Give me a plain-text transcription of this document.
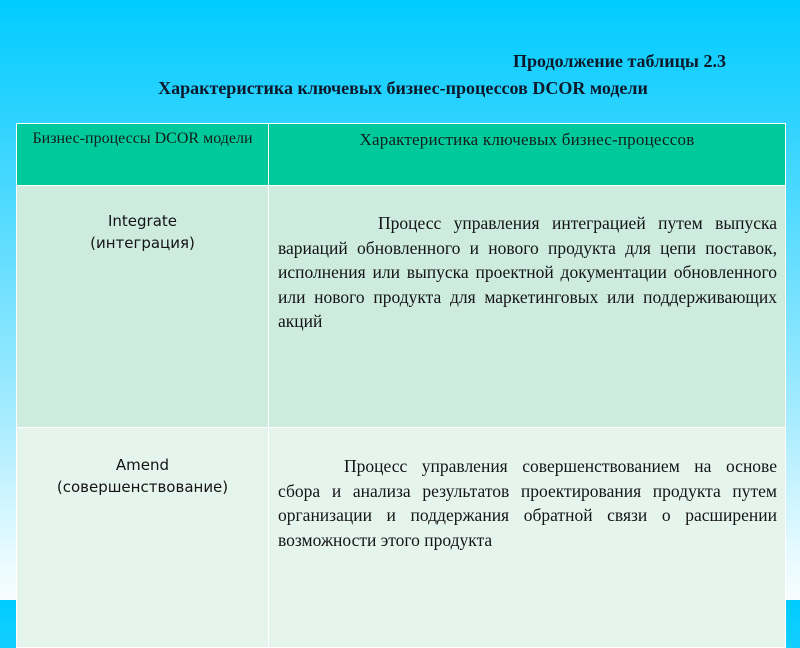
Продолжение таблицы 2.3
Характеристика ключевых бизнес-процессов DCOR модели
Бизнес-процессы DCOR модели	Характеристика ключевых бизнес-процессов

Integrate
(интеграция)	Процесс управления интеграцией путем выпуска вариаций обновленного и нового продукта для цепи поставок, исполнения или выпуска проектной документации обновленного или нового продукта для маркетинговых или поддерживающих акций

Amend
(совершенствование)	Процесс управления совершенствованием на основе сбора и анализа результатов проектирования продукта путем организации и поддержания обратной связи о расширении возможности этого продукта
